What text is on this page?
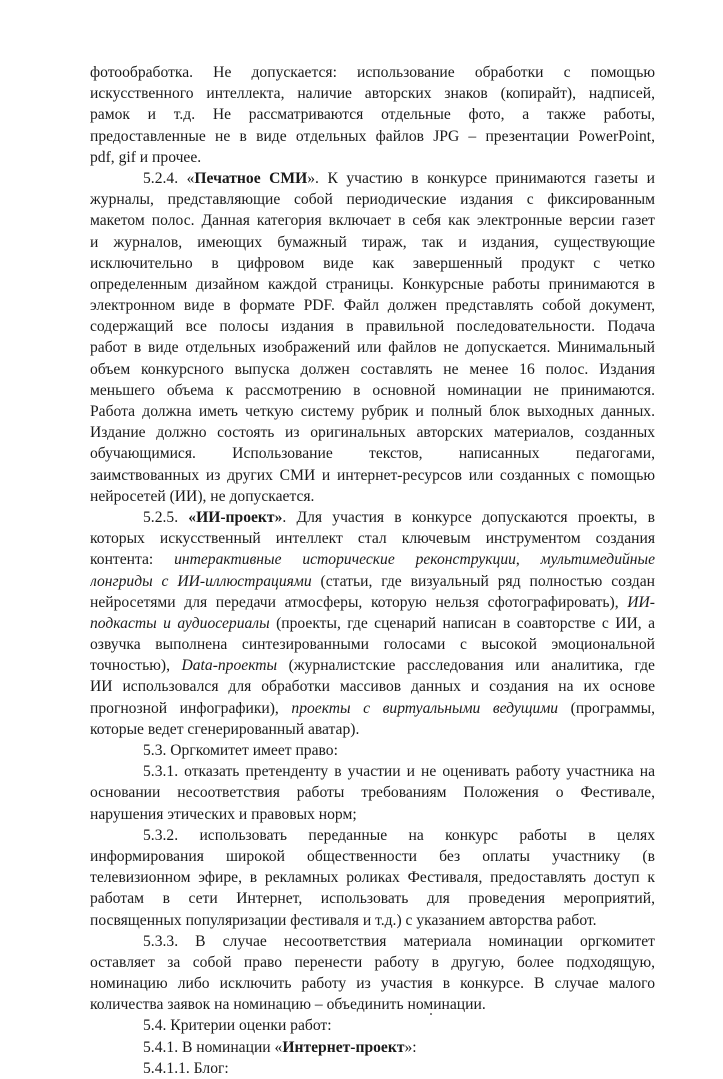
фотообработка. Не допускается: использование обработки с помощью
искусственного интеллекта, наличие авторских знаков (копирайт), надписей,
рамок и т.д. Не рассматриваются отдельные фото, а также работы,
предоставленные не в виде отдельных файлов JPG – презентации PowerPoint,
pdf, gif и прочее.
5.2.4. «Печатное СМИ». К участию в конкурсе принимаются газеты и
журналы, представляющие собой периодические издания с фиксированным
макетом полос. Данная категория включает в себя как электронные версии газет
и журналов, имеющих бумажный тираж, так и издания, существующие
исключительно в цифровом виде как завершенный продукт с четко
определенным дизайном каждой страницы. Конкурсные работы принимаются в
электронном виде в формате PDF. Файл должен представлять собой документ,
содержащий все полосы издания в правильной последовательности. Подача
работ в виде отдельных изображений или файлов не допускается. Минимальный
объем конкурсного выпуска должен составлять не менее 16 полос. Издания
меньшего объема к рассмотрению в основной номинации не принимаются.
Работа должна иметь четкую систему рубрик и полный блок выходных данных.
Издание должно состоять из оригинальных авторских материалов, созданных
обучающимися. Использование текстов, написанных педагогами,
заимствованных из других СМИ и интернет-ресурсов или созданных с помощью
нейросетей (ИИ), не допускается.
5.2.5. «ИИ-проект». Для участия в конкурсе допускаются проекты, в
которых искусственный интеллект стал ключевым инструментом создания
контента: интерактивные исторические реконструкции, мультимедийные
лонгриды с ИИ-иллюстрациями (статьи, где визуальный ряд полностью создан
нейросетями для передачи атмосферы, которую нельзя сфотографировать), ИИ-
подкасты и аудиосериалы (проекты, где сценарий написан в соавторстве с ИИ, а
озвучка выполнена синтезированными голосами с высокой эмоциональной
точностью), Data-проекты (журналистские расследования или аналитика, где
ИИ использовался для обработки массивов данных и создания на их основе
прогнозной инфографики), проекты с виртуальными ведущими (программы,
которые ведет сгенерированный аватар).
5.3. Оргкомитет имеет право:
5.3.1. отказать претенденту в участии и не оценивать работу участника на
основании несоответствия работы требованиям Положения о Фестивале,
нарушения этических и правовых норм;
5.3.2. использовать переданные на конкурс работы в целях
информирования широкой общественности без оплаты участнику (в
телевизионном эфире, в рекламных роликах Фестиваля, предоставлять доступ к
работам в сети Интернет, использовать для проведения мероприятий,
посвященных популяризации фестиваля и т.д.) с указанием авторства работ.
5.3.3. В случае несоответствия материала номинации оргкомитет
оставляет за собой право перенести работу в другую, более подходящую,
номинацию либо исключить работу из участия в конкурсе. В случае малого
количества заявок на номинацию – объединить номинации.
5.4. Критерии оценки работ:
5.4.1. В номинации «Интернет-проект»:
5.4.1.1. Блог:
